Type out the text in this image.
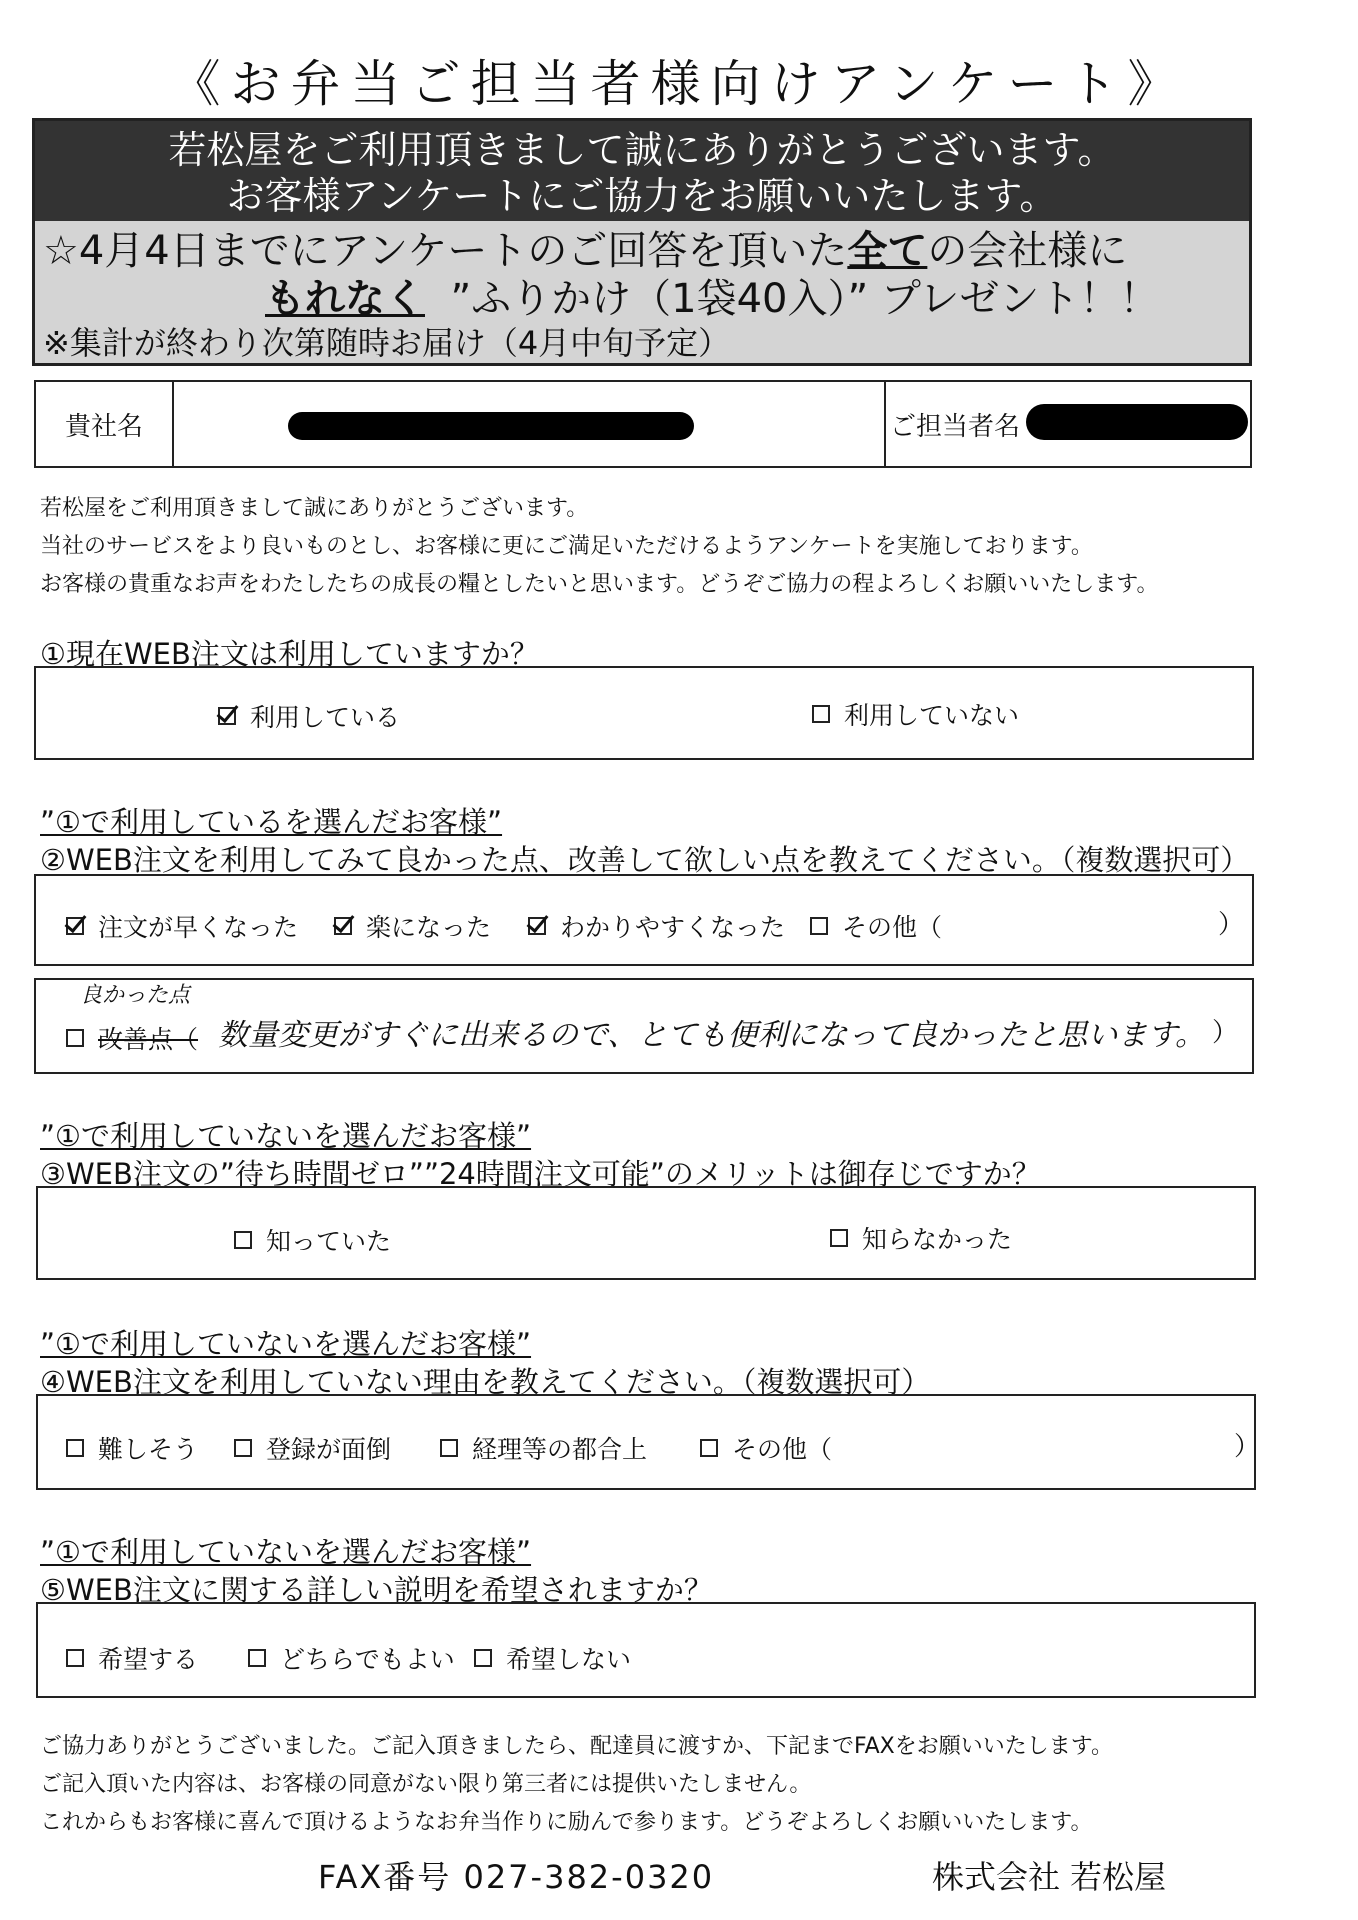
《お弁当ご担当者様向けアンケート》
若松屋をご利用頂きまして誠にありがとうございます。
お客様アンケートにご協力をお願いいたします。
☆4月4日までにアンケートのご回答を頂いた全ての会社様に
もれなく ”ふりかけ（1袋40入）” プレゼント！！
※集計が終わり次第随時お届け（4月中旬予定）
貴社名	ご担当者名
若松屋をご利用頂きまして誠にありがとうございます。
当社のサービスをより良いものとし、お客様に更にご満足いただけるようアンケートを実施しております。
お客様の貴重なお声をわたしたちの成長の糧としたいと思います。どうぞご協力の程よろしくお願いいたします。
①現在WEB注文は利用していますか？
利用している	利用していない
”①で利用しているを選んだお客様”
②WEB注文を利用してみて良かった点、改善して欲しい点を教えてください。（複数選択可）
注文が早くなった	楽になった	わかりやすくなった その他（	）
良かった点
改善点（ 数量変更がすぐに出来るので、とても便利になって良かったと思います。 ）
”①で利用していないを選んだお客様”
③WEB注文の”待ち時間ゼロ””24時間注文可能”のメリットは御存じですか？
知っていた	知らなかった
”①で利用していないを選んだお客様”
④WEB注文を利用していない理由を教えてください。（複数選択可）
難しそう	登録が面倒	経理等の都合上	その他（	）
”①で利用していないを選んだお客様”
⑤WEB注文に関する詳しい説明を希望されますか？
希望する	どちらでもよい 希望しない
ご協力ありがとうございました。ご記入頂きましたら、配達員に渡すか、下記までFAXをお願いいたします。
ご記入頂いた内容は、お客様の同意がない限り第三者には提供いたしません。
これからもお客様に喜んで頂けるようなお弁当作りに励んで参ります。どうぞよろしくお願いいたします。
FAX番号 027-382-0320	株式会社 若松屋
